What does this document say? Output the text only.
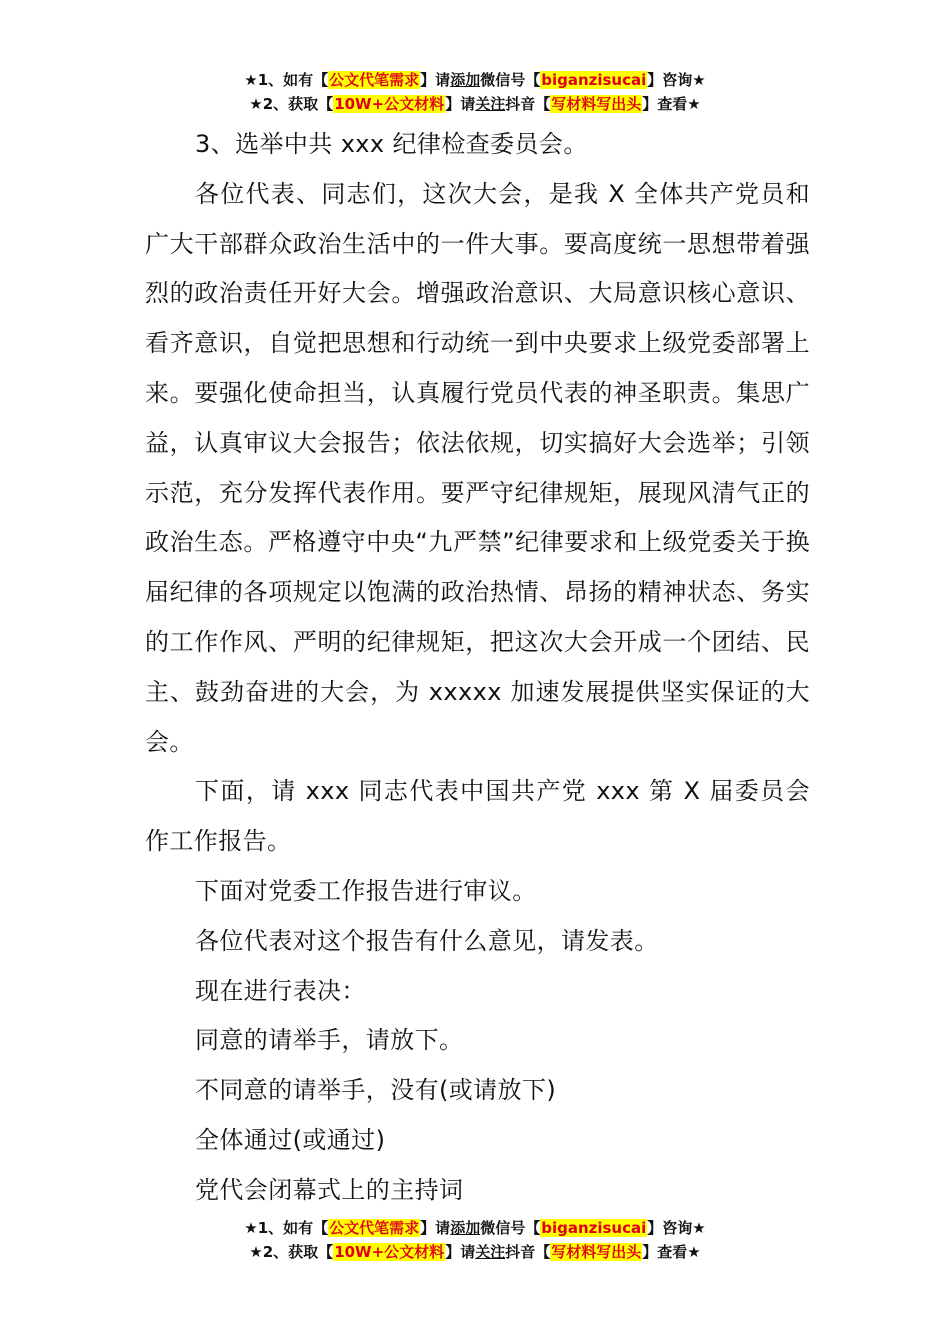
★1、如有【公文代笔需求】请添加微信号【biganzisucai】咨询★
★2、获取【10W+公文材料】请关注抖音【写材料写出头】查看★

3、选举中共 xxx 纪律检查委员会。

各位代表、同志们，这次大会，是我 X 全体共产党员和广大干部群众政治生活中的一件大事。要高度统一思想带着强烈的政治责任开好大会。增强政治意识、大局意识核心意识、看齐意识，自觉把思想和行动统一到中央要求上级党委部署上来。要强化使命担当，认真履行党员代表的神圣职责。集思广益，认真审议大会报告；依法依规，切实搞好大会选举；引领示范，充分发挥代表作用。要严守纪律规矩，展现风清气正的政治生态。严格遵守中央“九严禁”纪律要求和上级党委关于换届纪律的各项规定以饱满的政治热情、昂扬的精神状态、务实的工作作风、严明的纪律规矩，把这次大会开成一个团结、民主、鼓劲奋进的大会，为 xxxxx 加速发展提供坚实保证的大会。

下面，请 xxx 同志代表中国共产党 xxx 第 X 届委员会作工作报告。

下面对党委工作报告进行审议。

各位代表对这个报告有什么意见，请发表。

现在进行表决：

同意的请举手，请放下。

不同意的请举手，没有(或请放下)

全体通过(或通过)

党代会闭幕式上的主持词

★1、如有【公文代笔需求】请添加微信号【biganzisucai】咨询★
★2、获取【10W+公文材料】请关注抖音【写材料写出头】查看★
